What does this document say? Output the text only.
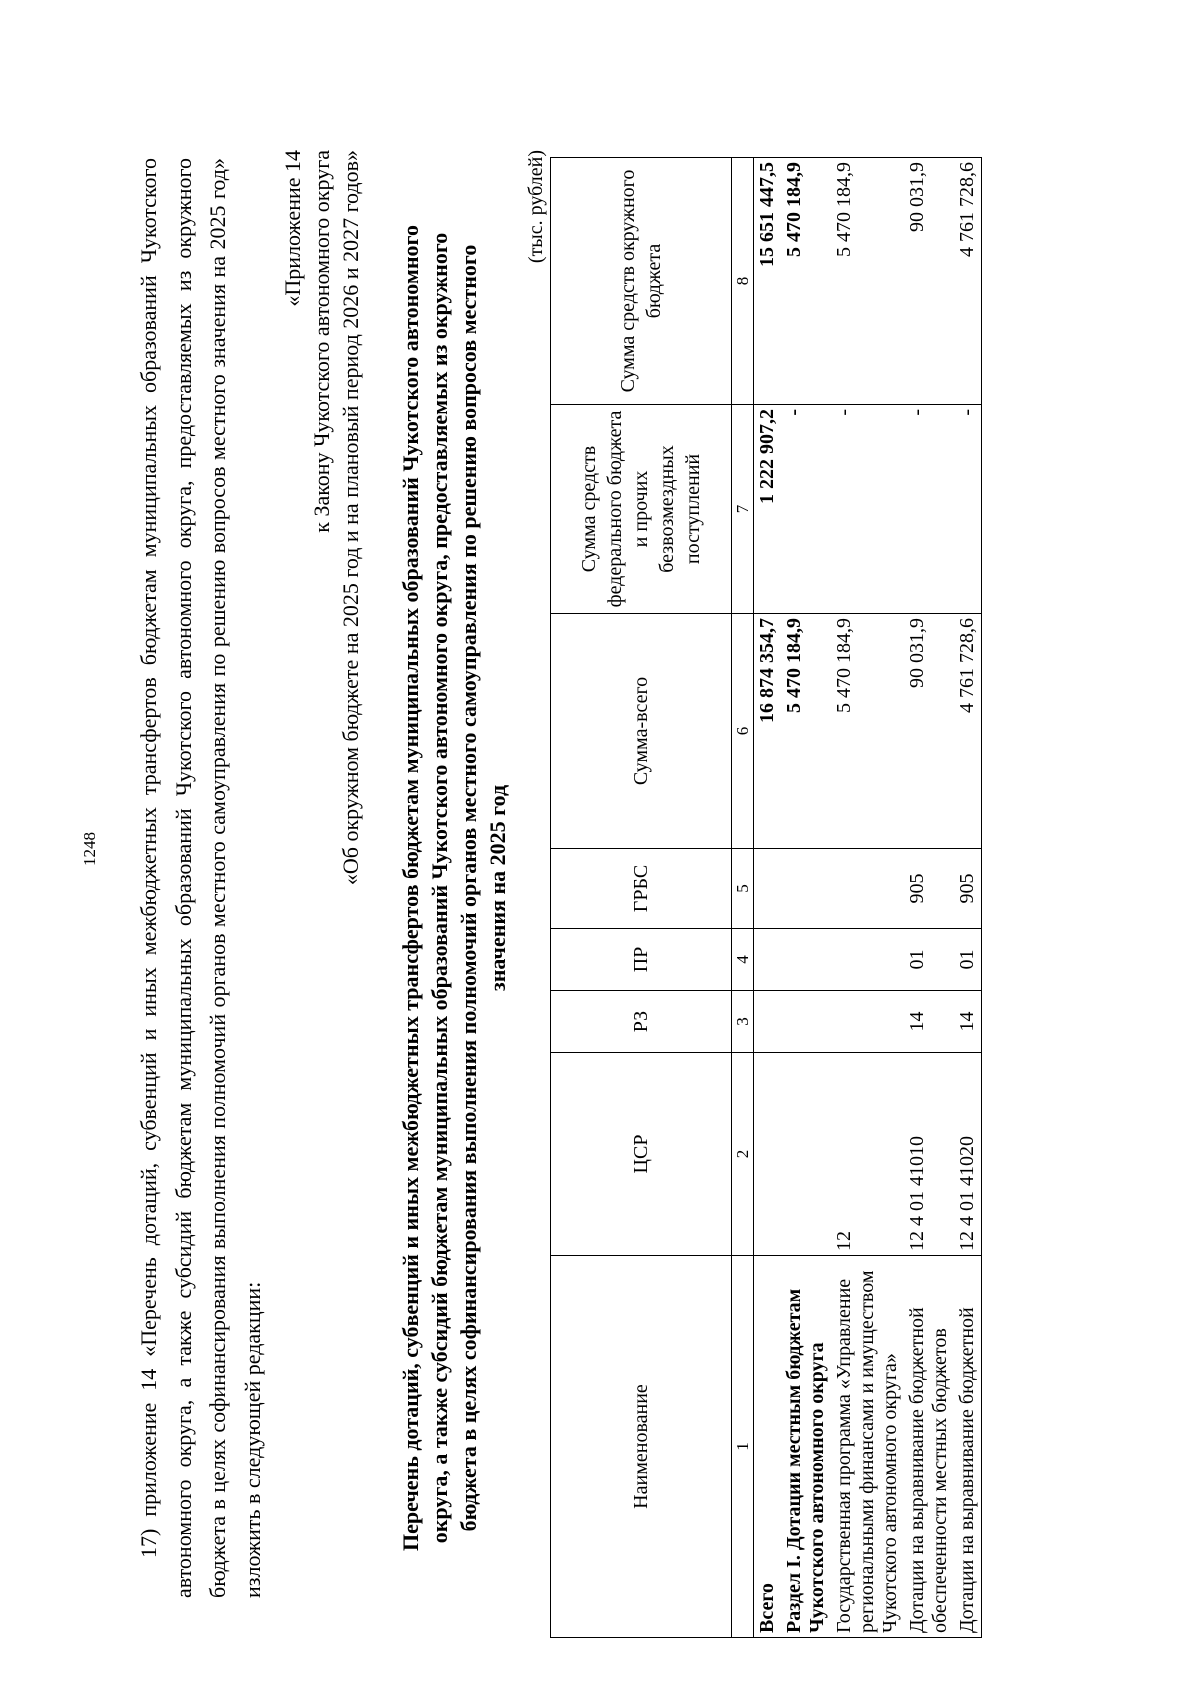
1248 17) приложение 14 «Перечень дотаций, субвенций и иных межбюджетных трансфертов бюджетам муниципальных образований Чукотского автономного округа, а также субсидий бюджетам муниципальных образований Чукотского автономного округа, предоставляемых из окружного бюджета в целях софинансирования выполнения полномочий органов местного самоуправления по решению вопросов местного значения на 2025 год» изложить в следующей редакции:
«Приложение 14 к Закону Чукотского автономного округа «Об окружном бюджете на 2025 год и на плановый период 2026 и 2027 годов» Перечень дотаций, субвенций и иных межбюджетных трансфертов бюджетам муниципальных образований Чукотского автономного округа, а также субсидий бюджетам муниципальных образований Чукотского автономного округа, предоставляемых из окружного бюджета в целях софинансирования выполнения полномочий органов местного самоуправления по решению вопросов местного значения на 2025 год
(тыс. рублей)
Наименование	ЦСР	РЗ	ПР	ГРБС	Сумма-всего	Сумма средств федерального бюджета и прочих безвозмездных поступлений	Сумма средств окружного бюджета
1	2	3	4	5	6	7	8
Всего					16 874 354,7	1 222 907,2	15 651 447,5
Раздел I. Дотации местным бюджетам Чукотского автономного округа					5 470 184,9	-	5 470 184,9
Государственная программа «Управление региональными финансами и имуществом Чукотского автономного округа»	12				5 470 184,9	-	5 470 184,9
Дотации на выравнивание бюджетной обеспеченности местных бюджетов	12 4 01 41010	14	01	905	90 031,9	-	90 031,9
Дотации на выравнивание бюджетной	12 4 01 41020	14	01	905	4 761 728,6	-	4 761 728,6
